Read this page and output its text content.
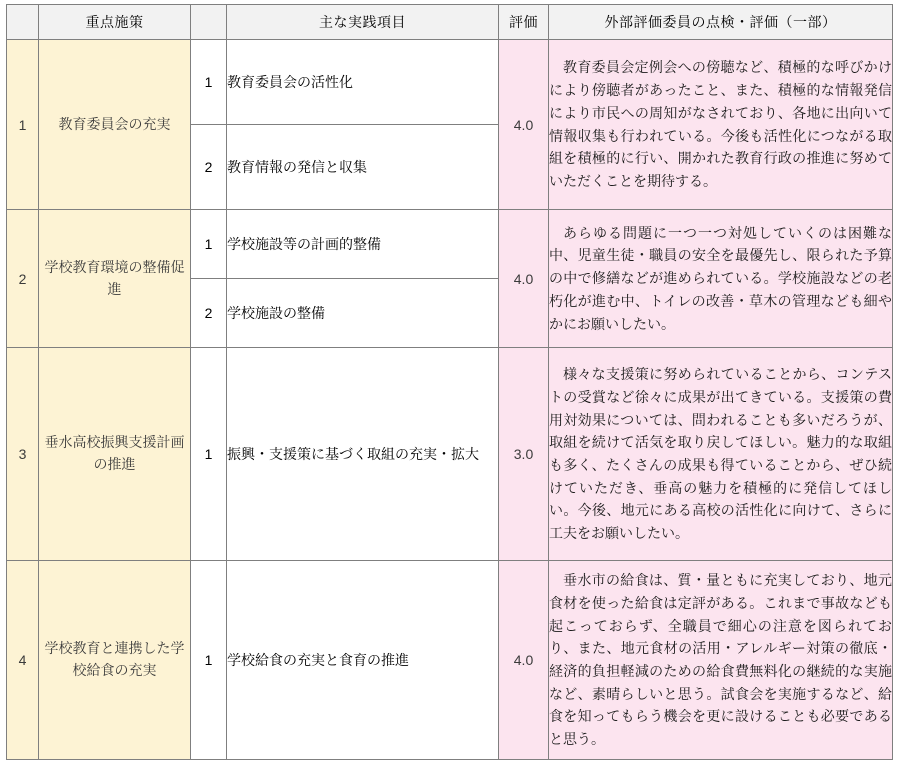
	重点施策		主な実践項目	評価	外部評価委員の点検・評価（一部）
1	教育委員会の充実	1	教育委員会の活性化	4.0	教育委員会定例会への傍聴など、積極的な呼びかけにより傍聴者があったこと、また、積極的な情報発信により市民への周知がなされており、各地に出向いて情報収集も行われている。今後も活性化につながる取組を積極的に行い、開かれた教育行政の推進に努めていただくことを期待する。

		2	教育情報の発信と収集		
2	学校教育環境の整備促進	1	学校施設等の計画的整備	4.0	あらゆる問題に一つ一つ対処していくのは困難な中、児童生徒・職員の安全を最優先し、限られた予算の中で修繕などが進められている。学校施設などの老朽化が進む中、トイレの改善・草木の管理なども細やかにお願いしたい。

		2	学校施設の整備		
3	垂水高校振興支援計画の推進	1	振興・支援策に基づく取組の充実・拡大	3.0	様々な支援策に努められていることから、コンテストの受賞など徐々に成果が出てきている。支援策の費用対効果については、問われることも多いだろうが、取組を続けて活気を取り戻してほしい。魅力的な取組も多く、たくさんの成果も得ていることから、ぜひ続けていただき、垂高の魅力を積極的に発信してほしい。今後、地元にある高校の活性化に向けて、さらに工夫をお願いしたい。

4	学校教育と連携した学校給食の充実	1	学校給食の充実と食育の推進	4.0	垂水市の給食は、質・量ともに充実しており、地元食材を使った給食は定評がある。これまで事故なども起こっておらず、全職員で細心の注意を図られており、また、地元食材の活用・アレルギー対策の徹底・経済的負担軽減のための給食費無料化の継続的な実施など、素晴らしいと思う。試食会を実施するなど、給食を知ってもらう機会を更に設けることも必要であると思う。
